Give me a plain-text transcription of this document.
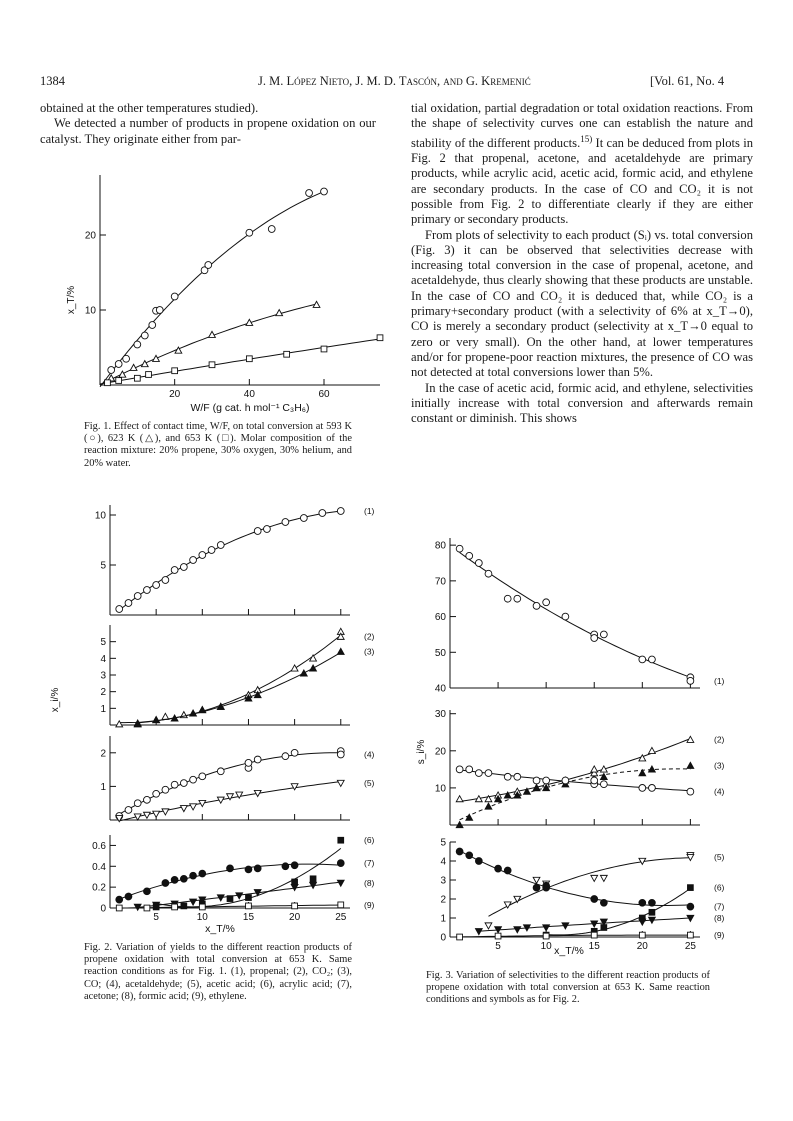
1384	J. M. López Nieto, J. M. D. Tascón, and G. Kremenić	[Vol. 61, No. 4

obtained at the other temperatures studied).

We detected a number of products in propene oxidation on our catalyst. They originate either from par-

tial oxidation, partial degradation or total oxidation reactions. From the shape of selectivity curves one can establish the nature and stability of the different products.$^{15)}$ It can be deduced from plots in Fig. 2 that propenal, acetone, and acetaldehyde are primary products, while acrylic acid, acetic acid, formic acid, and ethylene are secondary products. In the case of CO and CO₂ it is not possible from Fig. 2 to differentiate clearly if they are either primary or secondary products.

From plots of selectivity to each product (Sᵢ) vs. total conversion (Fig. 3) it can be observed that selectivities decrease with increasing total conversion in the case of propenal, acetone, and acetaldehyde, thus clearly showing that these products are unstable. In the case of CO and CO₂ it is deduced that, while CO₂ is a primary+secondary product (with a selectivity of 6% at x_T→0), CO is merely a secondary product (selectivity at x_T→0 equal to zero or very small). On the other hand, at lower temperatures and/or for propene-poor reaction mixtures, the presence of CO was not detected at total conversions lower than 5%.

In the case of acetic acid, formic acid, and ethylene, selectivities initially increase with total conversion and afterwards remain constant or diminish. This shows

10
20
20	40	60
x_T/%
W/F (g cat. h mol⁻¹ C₃H₆)
Fig. 1. Effect of contact time, W/F, on total conversion at 593 K (○), 623 K (△), and 653 K (□). Molar composition of the reaction mixture: 20% propene, 30% oxygen, 30% helium, and 20% water.
5
10	(1)
1
2
3
4
5
(2)
(3)
1
2	(4)
(5)
0
0.2
0.4
0.6
5	10	15	20	25
(6)
(7)
(8)
(9)
x_T/%
x_i/%
Fig. 2. Variation of yields to the different reaction products of propene oxidation with total conversion at 653 K. Same reaction conditions as for Fig. 1. (1), propenal; (2), CO₂; (3), CO; (4), acetaldehyde; (5), acetic acid; (6), acrylic acid; (7), acetone; (8), formic acid; (9), ethylene.
40
50
60
70
80
(1)
10
20
30
(2)
(3)
(4)
0
1
2
3
4
5
5	10	15	20	25
(5)
(6)
(7)
(8)
(9)
x_T/%
s_i/%
Fig. 3. Variation of selectivities to the different reaction products of propene oxidation with total conversion at 653 K. Same reaction conditions and symbols as for Fig. 2.
